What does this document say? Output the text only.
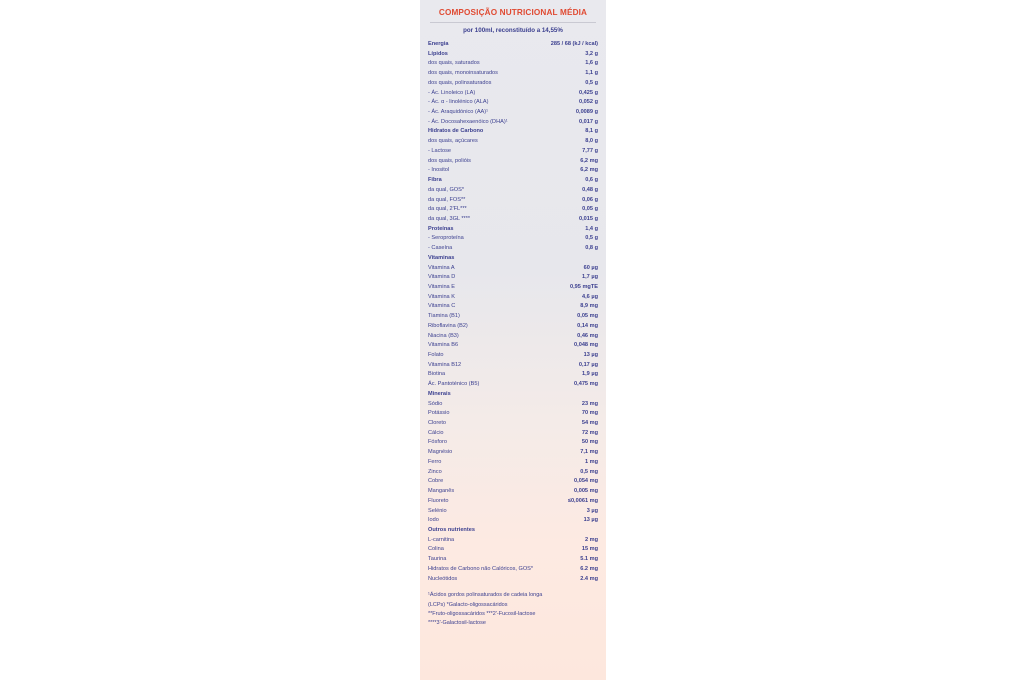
COMPOSIÇÃO NUTRICIONAL MÉDIA
por 100ml, reconstituído a 14,55%
Energia	285 / 68 (kJ / kcal)
Lípidos	3,2 g
dos quais, saturados	1,6 g
dos quais, monoinsaturados	1,1 g
dos quais, polinsaturados	0,5 g
- Ác. Linoleico (LA)	0,425 g
- Ác. α - linolénico (ALA)	0,052 g
- Ác. Araquidónico (AA)¹	0,0089 g
- Ác. Docosahexaenóico (DHA)¹	0,017 g
Hidratos de Carbono	8,1 g
dos quais, açúcares	8,0 g
- Lactose	7,77 g
dos quais, polióis	6,2 mg
- Inositol	6,2 mg
Fibra	0,6 g
da qual, GOS*	0,48 g
da qual, FOS**	0,06 g
da qual, 2'FL***	0,05 g
da qual, 3GL ****	0,015 g
Proteínas	1,4 g
- Seroproteína	0,5 g
- Caseína	0,8 g
Vitaminas
Vitamina A	60 µg
Vitamina D	1,7 µg
Vitamina E	0,95 mgTE
Vitamina K	4,6 µg
Vitamina C	8,9 mg
Tiamina (B1)	0,05 mg
Riboflavina (B2)	0,14 mg
Niacina (B3)	0,46 mg
Vitamina B6	0,048 mg
Folato	13 µg
Vitamina B12	0,17 µg
Biotina	1,9 µg
Ác. Pantoténico (B5)	0,475 mg
Minerais
Sódio	23 mg
Potássio	70 mg
Cloreto	54 mg
Cálcio	72 mg
Fósforo	50 mg
Magnésio	7,1 mg
Ferro	1 mg
Zinco	0,5 mg
Cobre	0,054 mg
Manganês	0,005 mg
Fluoreto	≤0,0061 mg
Selénio	3 µg
Iodo	13 µg
Outros nutrientes
L-carnitina	2 mg
Colina	15 mg
Taurina	5.1 mg
Hidratos de Carbono não Calóricos, GOS*	6.2 mg
Nucleótidos	2.4 mg
¹Ácidos gordos polinsaturados de cadeia longa
(LCPs) *Galacto-oligossacáridos
**Fruto-oligossacáridos ***2'-Fucosil-lactose
****3'-Galactosil-lactose
